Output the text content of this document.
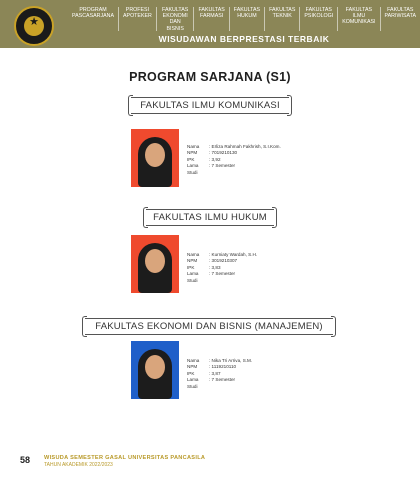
★
PROGRAM
PASCASARJANA
PROFESI
APOTEKER
FAKULTAS EKONOMI
DAN BISNIS
FAKULTAS
FARMASI
FAKULTAS
HUKUM
FAKULTAS
TEKNIK
FAKULTAS
PSIKOLOGI
FAKULTAS ILMU
KOMUNIKASI
FAKULTAS
PARIWISATA
WISUDAWAN BERPRESTASI TERBAIK
PROGRAM SARJANA (S1)
FAKULTAS ILMU KOMUNIKASI
Nama	: Erliza Rahmah Fakhrish, S.I.Kom.
NPM	: 7019210130
IPK	: 3,92
Lama Studi
: 7 Semester
FAKULTAS ILMU HUKUM
Nama	: Kurniaty Wardah, S.H.
NPM	: 3019210307
IPK	: 3,83
Lama Studi
: 7 Semester
FAKULTAS EKONOMI DAN BISNIS (MANAJEMEN)
Nama	: Nika Tri Arriva, S.M.
NPM	: 1119210110
IPK	: 3,87
Lama Studi
: 7 Semester
58 WISUDA SEMESTER GASAL UNIVERSITAS PANCASILA
TAHUN AKADEMIK 2022/2023
